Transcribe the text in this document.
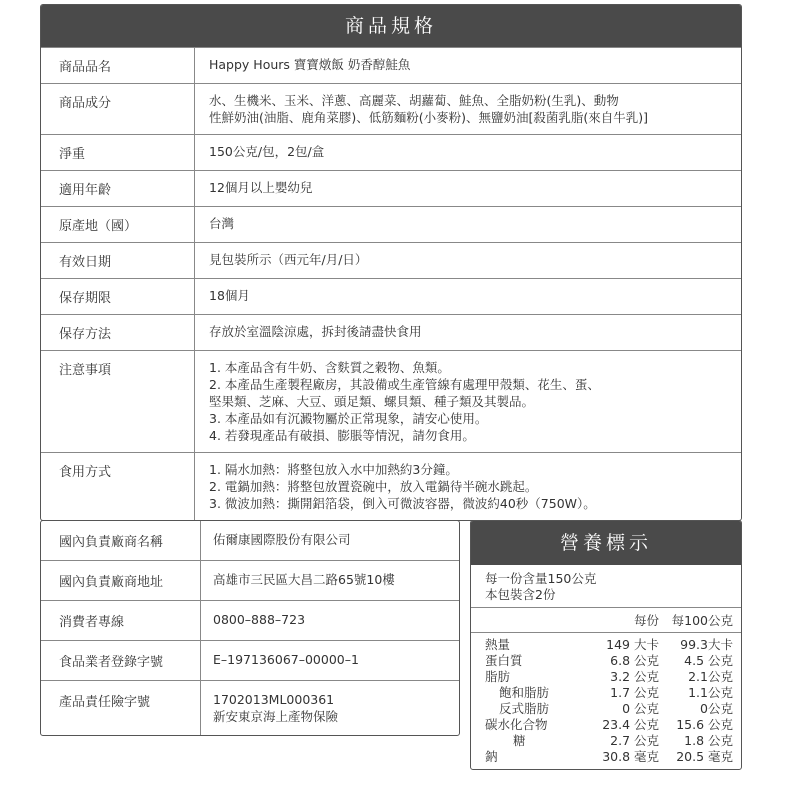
商品規格
商品品名	Happy Hours 寶寶燉飯 奶香醇鮭魚
商品成分	水、生機米、玉米、洋蔥、高麗菜、胡蘿蔔、鮭魚、全脂奶粉(生乳)、動物
性鮮奶油(油脂、鹿角菜膠)、低筋麵粉(小麥粉)、無鹽奶油[殺菌乳脂(來自牛乳)]
淨重	150公克/包，2包/盒
適用年齡	12個月以上嬰幼兒
原產地（國）	台灣
有效日期	見包裝所示（西元年/月/日）
保存期限	18個月
保存方法	存放於室溫陰涼處，拆封後請盡快食用
注意事項	1. 本產品含有牛奶、含麩質之穀物、魚類。
2. 本產品生產製程廠房，其設備或生產管線有處理甲殼類、花生、蛋、
堅果類、芝麻、大豆、頭足類、螺貝類、種子類及其製品。
3. 本產品如有沉澱物屬於正常現象，請安心使用。
4. 若發現產品有破損、膨脹等情況，請勿食用。
食用方式	1. 隔水加熱：將整包放入水中加熱約3分鐘。
2. 電鍋加熱：將整包放置瓷碗中，放入電鍋待半碗水跳起。
3. 微波加熱：撕開鋁箔袋，倒入可微波容器，微波約40秒（750W）。
國內負責廠商名稱	佑爾康國際股份有限公司
國內負責廠商地址	高雄市三民區大昌二路65號10樓
消費者專線	0800–888–723
食品業者登錄字號	E–197136067–00000–1
產品責任險字號	1702013ML000361
新安東京海上產物保險
營養標示
每一份含量150公克
本包裝含2份
每份	每100公克
熱量	149 大卡	99.3大卡
蛋白質	6.8 公克	4.5 公克
脂肪	3.2 公克	2.1公克
飽和脂肪	1.7 公克	1.1公克
反式脂肪	0 公克	0公克
碳水化合物	23.4 公克	15.6 公克
糖	2.7 公克	1.8 公克
鈉	30.8 毫克	20.5 毫克
